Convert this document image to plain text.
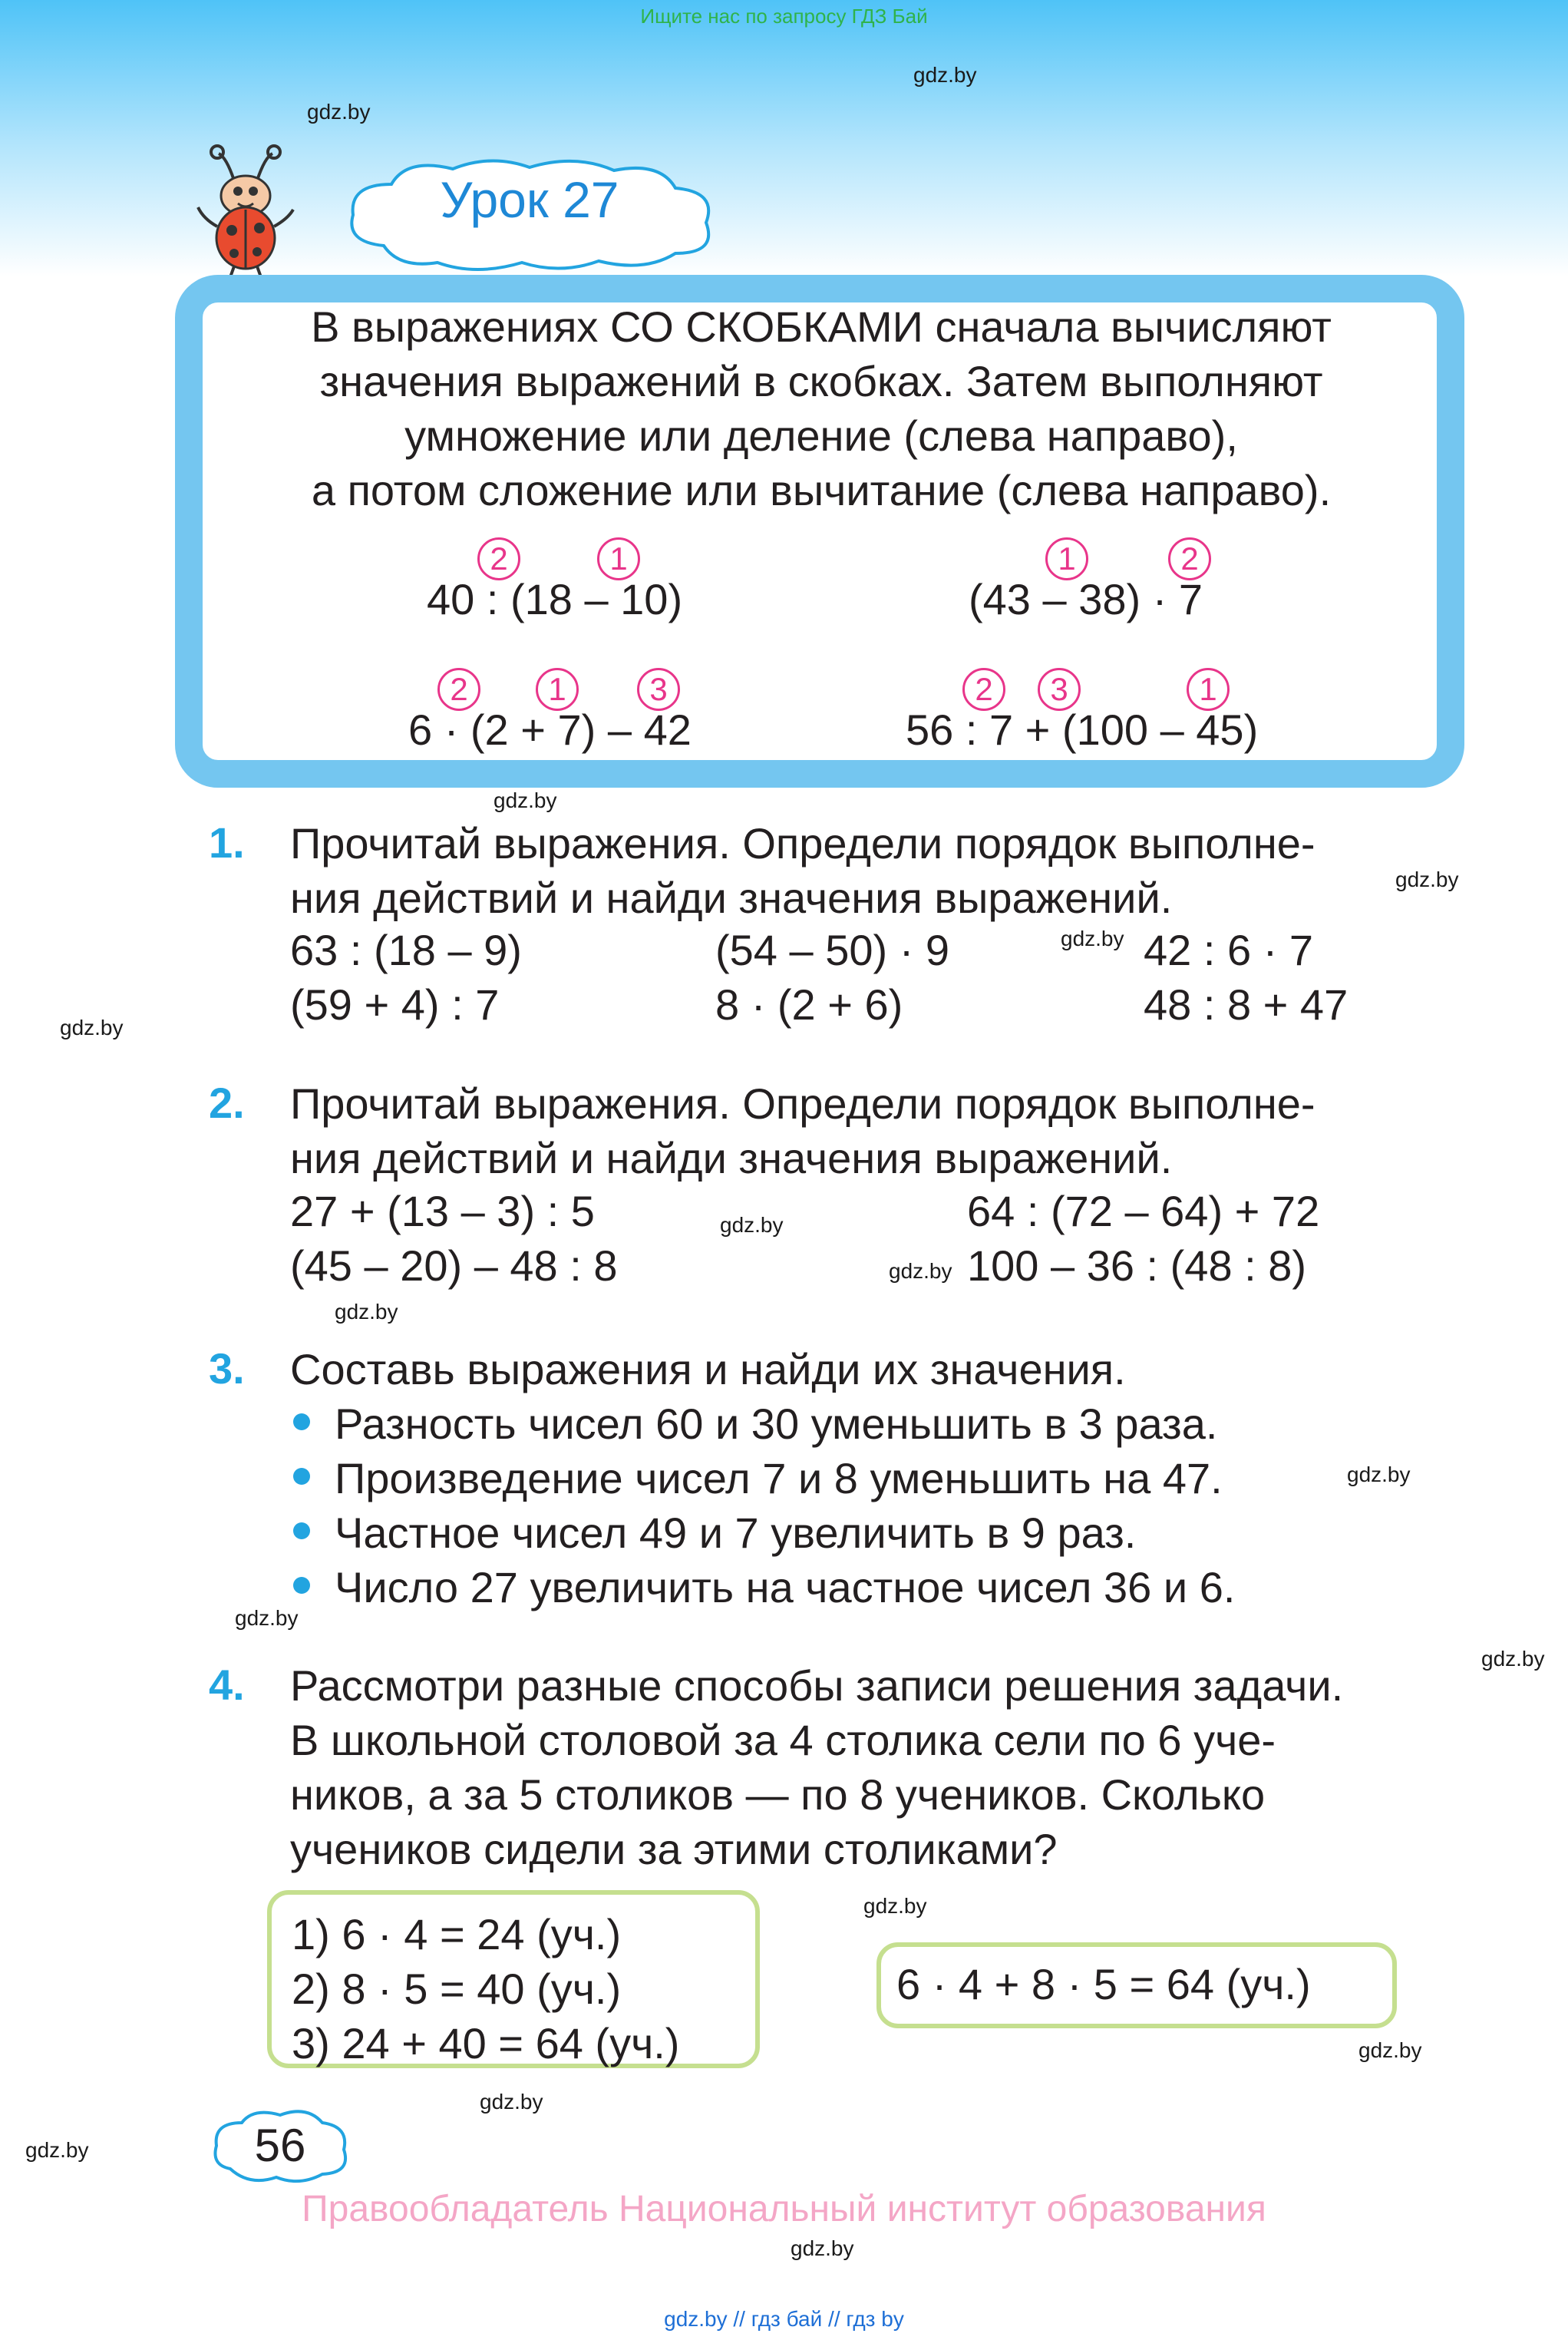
Ищите нас по запросу ГДЗ Бай
gdz.by
gdz.by
gdz.by
gdz.by
gdz.by
gdz.by
gdz.by
gdz.by
gdz.by
gdz.by
gdz.by
gdz.by
gdz.by
gdz.by
gdz.by
gdz.by
gdz.by
Урок 27
В выражениях СО СКОБКАМИ сначала вычисляют
значения выражений в скобках. Затем выполняют
умножение или деление (слева направо),
а потом сложение или вычитание (слева направо).
2	1
40 : (18 – 10)
1	2
(43 – 38) · 7
2	1	3
6 · (2 + 7) – 42
2	3	1
56 : 7 + (100 – 45)
1. Прочитай выражения. Определи порядок выполне-
ния действий и найди значения выражений.
63 : (18 – 9)	(54 – 50) · 9	42 : 6 · 7
(59 + 4) : 7	8 · (2 + 6)	48 : 8 + 47
2. Прочитай выражения. Определи порядок выполне-
ния действий и найди значения выражений.
27 + (13 – 3) : 5	64 : (72 – 64) + 72
(45 – 20) – 48 : 8	100 – 36 : (48 : 8)
3. Составь выражения и найди их значения.
Разность чисел 60 и 30 уменьшить в 3 раза.
Произведение чисел 7 и 8 уменьшить на 47.
Частное чисел 49 и 7 увеличить в 9 раз.
Число 27 увеличить на частное чисел 36 и 6.
4. Рассмотри разные способы записи решения задачи.
В школьной столовой за 4 столика сели по 6 уче-
ников, а за 5 столиков — по 8 учеников. Сколько
учеников сидели за этими столиками?
1) 6 · 4 = 24 (уч.)
2) 8 · 5 = 40 (уч.)
3) 24 + 40 = 64 (уч.)
6 · 4 + 8 · 5 = 64 (уч.)
56
Правообладатель Национальный институт образования
gdz.by // гдз бай // гдз by
